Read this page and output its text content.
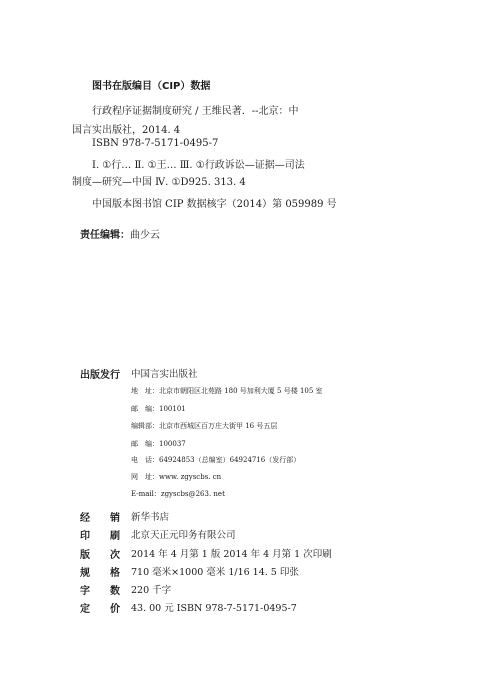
图书在版编目（CIP）数据
行政程序证据制度研究 / 王维民著．--北京：中
国言实出版社，2014. 4
ISBN 978-7-5171-0495-7
Ⅰ. ①行… Ⅱ. ①王… Ⅲ. ①行政诉讼—证据—司法
制度—研究—中国 Ⅳ. ①D925. 313. 4
中国版本图书馆 CIP 数据核字（2014）第 059989 号
责任编辑：曲少云
出版发行 中国言实出版社
地　址：北京市朝阳区北苑路 180 号加利大厦 5 号楼 105 室
邮　编：100101
编辑部：北京市西城区百万庄大街甲 16 号五层
邮　编：100037
电　话：64924853（总编室）64924716（发行部）
网　址：www. zgyscbs. cn
E-mail：zgyscbs@263. net
经　　销 新华书店
印　　刷 北京天正元印务有限公司
版　　次 2014 年 4 月第 1 版 2014 年 4 月第 1 次印刷
规　　格 710 毫米×1000 毫米 1/16 14. 5 印张
字　　数 220 千字
定　　价 43. 00 元 ISBN 978-7-5171-0495-7
